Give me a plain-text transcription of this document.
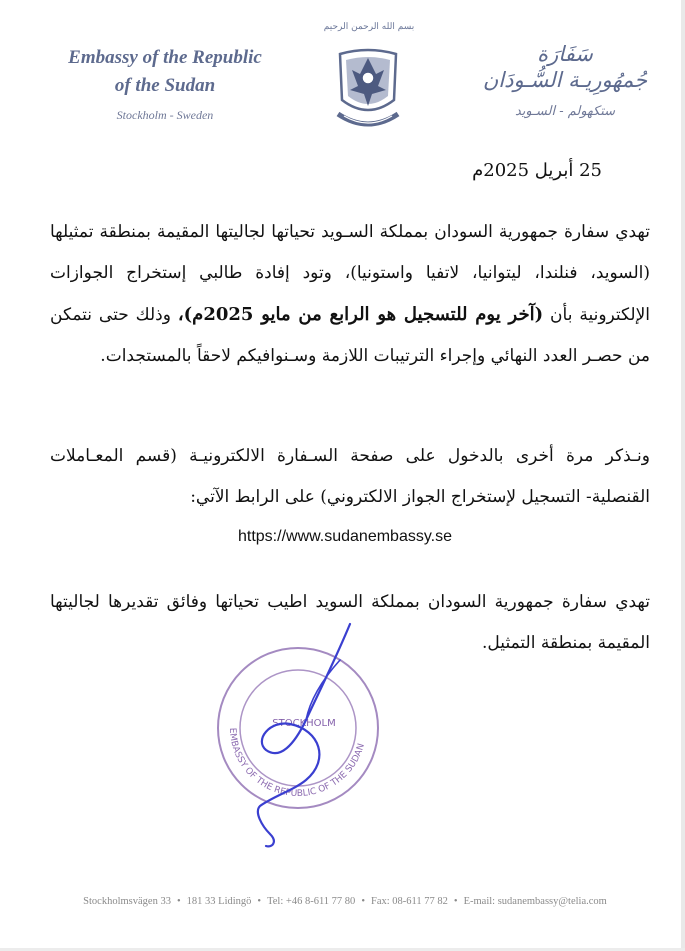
Embassy of the Republic
of the Sudan
Stockholm - Sweden
بسم الله الرحمن الرحيم
سَفَارَة
جُمهُورِيـة السُّـودَان
ستكهولم - السـويد
25 أبريل 2025م
تهدي سفارة جمهورية السودان بمملكة السـويد تحياتها لجاليتها المقيمة بمنطقة تمثيلها (السويد، فنلندا، ليتوانيا، لاتفيا واستونيا)، وتود إفادة طالبي إستخراج الجوازات الإلكترونية بأن (آخر يوم للتسجيل هو الرابع من مايو 2025م)، وذلك حتى نتمكن من حصـر العدد النهائي وإجراء الترتيبات اللازمة وسـنوافيكم لاحقاً بالمستجدات.
ونـذكر مرة أخرى بالدخول على صفحة السـفارة الالكترونيـة (قسم المعـاملات القنصلية- التسجيل لإستخراج الجواز الالكتروني) على الرابط الآتي:
https://www.sudanembassy.se
تهدي سفارة جمهورية السودان بمملكة السويد اطيب تحياتها وفائق تقديرها لجاليتها المقيمة بمنطقة التمثيل.
EMBASSY OF THE REPUBLIC OF THE SUDAN
STOCKHOLM
Stockholmsvägen 33 • 181 33 Lidingö • Tel: +46 8-611 77 80 • Fax: 08-611 77 82 • E-mail: sudanembassy@telia.com
